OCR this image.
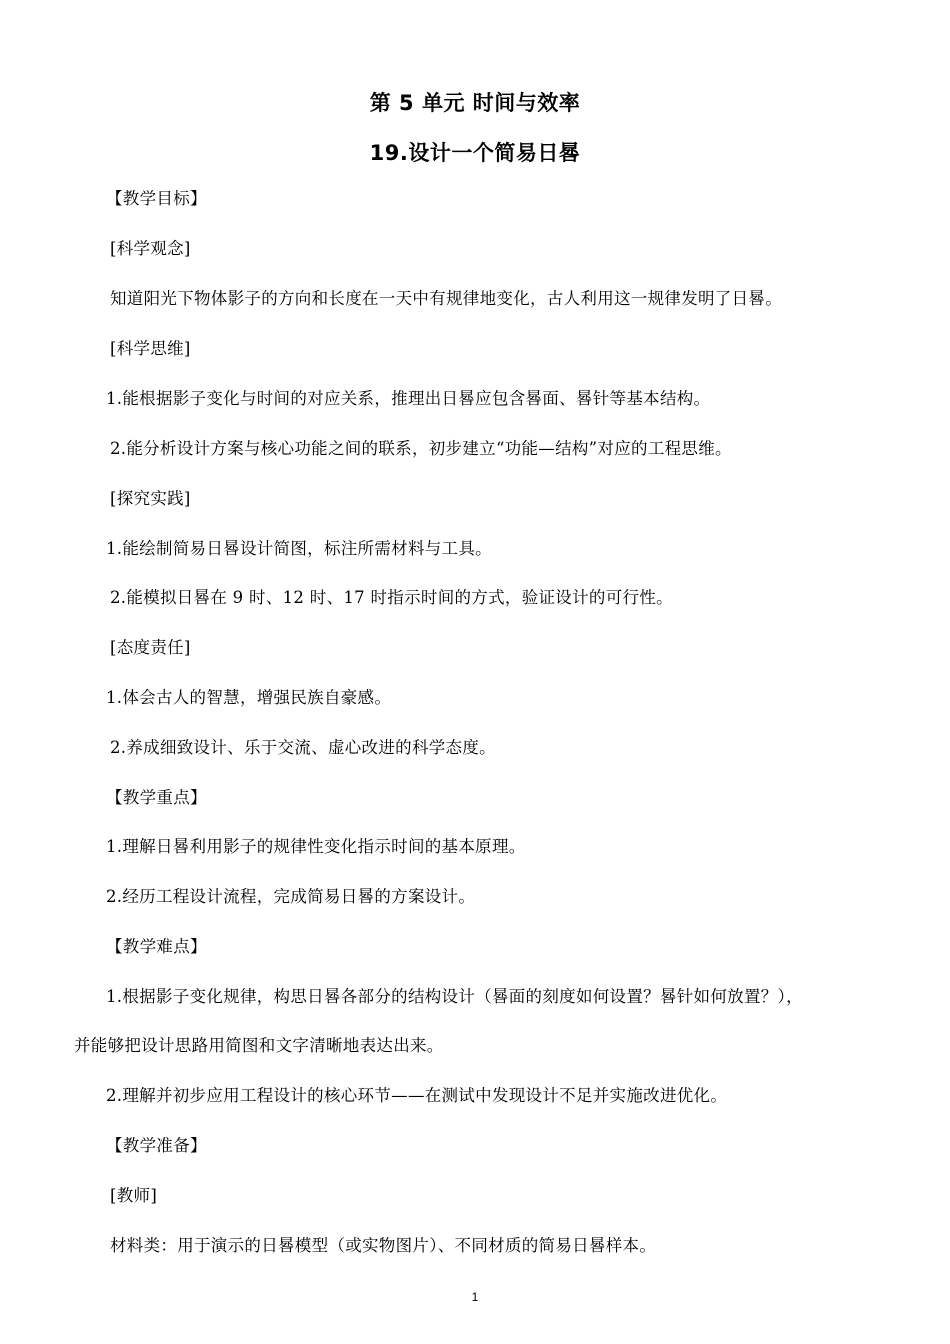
第 5 单元 时间与效率
19.设计一个简易日晷
【教学目标】
[科学观念]
知道阳光下物体影子的方向和长度在一天中有规律地变化，古人利用这一规律发明了日晷。
[科学思维]
1.能根据影子变化与时间的对应关系，推理出日晷应包含晷面、晷针等基本结构。
2.能分析设计方案与核心功能之间的联系，初步建立“功能—结构”对应的工程思维。
[探究实践]
1.能绘制简易日晷设计简图，标注所需材料与工具。
2.能模拟日晷在 9 时、12 时、17 时指示时间的方式，验证设计的可行性。
[态度责任]
1.体会古人的智慧，增强民族自豪感。
2.养成细致设计、乐于交流、虚心改进的科学态度。
【教学重点】
1.理解日晷利用影子的规律性变化指示时间的基本原理。
2.经历工程设计流程，完成简易日晷的方案设计。
【教学难点】
1.根据影子变化规律，构思日晷各部分的结构设计（晷面的刻度如何设置？晷针如何放置？），
并能够把设计思路用简图和文字清晰地表达出来。
2.理解并初步应用工程设计的核心环节——在测试中发现设计不足并实施改进优化。
【教学准备】
[教师]
材料类：用于演示的日晷模型（或实物图片）、不同材质的简易日晷样本。
1
